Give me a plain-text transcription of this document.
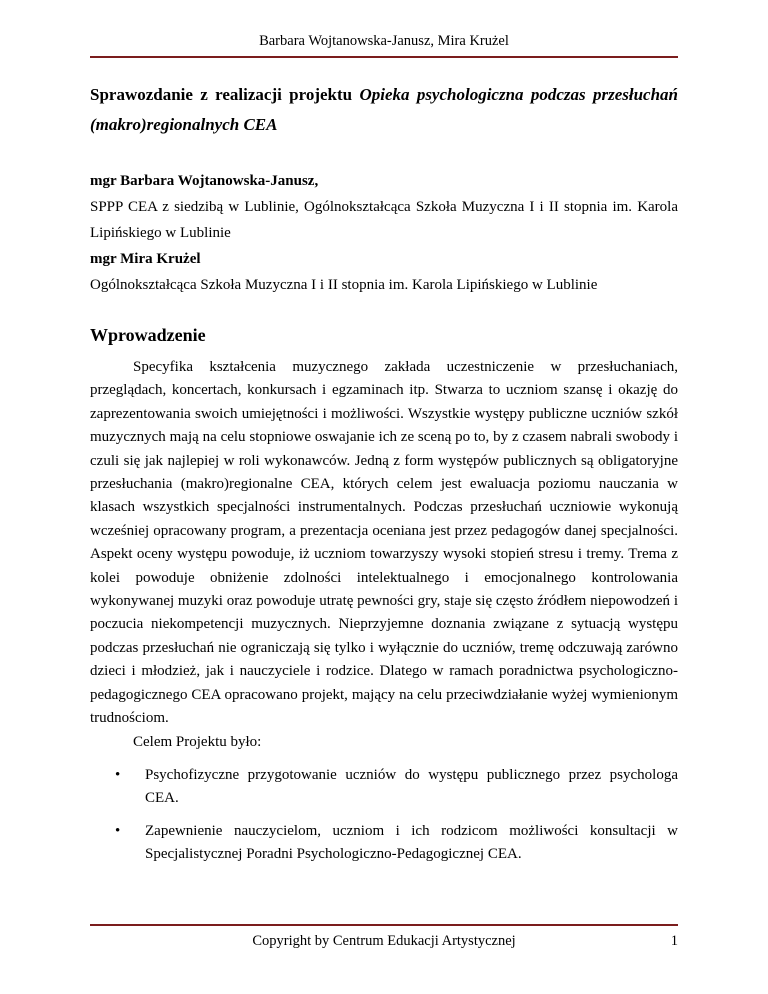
Barbara Wojtanowska-Janusz, Mira Krużel
Sprawozdanie z realizacji projektu Opieka psychologiczna podczas przesłuchań (makro)regionalnych CEA

mgr Barbara Wojtanowska-Janusz,

SPPP CEA z siedzibą w Lublinie, Ogólnokształcąca Szkoła Muzyczna I i II stopnia im. Karola Lipińskiego w Lublinie

mgr Mira Krużel

Ogólnokształcąca Szkoła Muzyczna I i II stopnia im. Karola Lipińskiego w Lublinie

Wprowadzenie

Specyfika kształcenia muzycznego zakłada uczestniczenie w przesłuchaniach, przeglądach, koncertach, konkursach i egzaminach itp. Stwarza to uczniom szansę i okazję do zaprezentowania swoich umiejętności i możliwości. Wszystkie występy publiczne uczniów szkół muzycznych mają na celu stopniowe oswajanie ich ze sceną po to, by z czasem nabrali swobody i czuli się jak najlepiej w roli wykonawców. Jedną z form występów publicznych są obligatoryjne przesłuchania (makro)regionalne CEA, których celem jest ewaluacja poziomu nauczania w klasach wszystkich specjalności instrumentalnych. Podczas przesłuchań uczniowie wykonują wcześniej opracowany program, a prezentacja oceniana jest przez pedagogów danej specjalności. Aspekt oceny występu powoduje, iż uczniom towarzyszy wysoki stopień stresu i tremy. Trema z kolei powoduje obniżenie zdolności intelektualnego i emocjonalnego kontrolowania wykonywanej muzyki oraz powoduje utratę pewności gry, staje się często źródłem niepowodzeń i poczucia niekompetencji muzycznych. Nieprzyjemne doznania związane z sytuacją występu podczas przesłuchań nie ograniczają się tylko i wyłącznie do uczniów, tremę odczuwają zarówno dzieci i młodzież, jak i nauczyciele i rodzice. Dlatego w ramach poradnictwa psychologiczno-pedagogicznego CEA opracowano projekt, mający na celu przeciwdziałanie wyżej wymienionym trudnościom.

Celem Projektu było:

• Psychofizyczne przygotowanie uczniów do występu publicznego przez psychologa CEA.
• Zapewnienie nauczycielom, uczniom i ich rodzicom możliwości konsultacji w Specjalistycznej Poradni Psychologiczno-Pedagogicznej CEA.
Copyright by Centrum Edukacji Artystycznej	1
